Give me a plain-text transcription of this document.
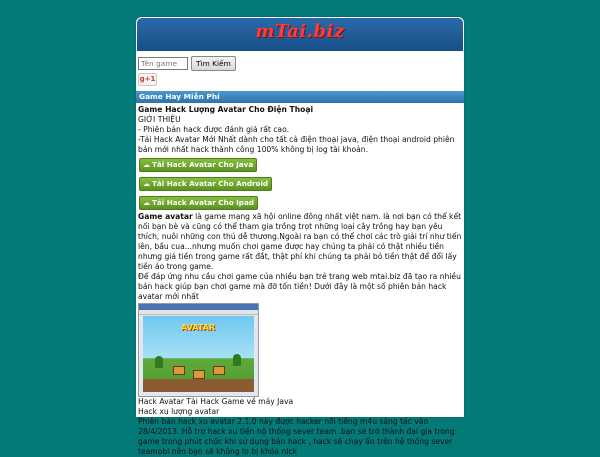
mTai.biz
Tên game
Tìm Kiếm
g+1
Game Hay Miễn Phí
Game Hack Lượng Avatar Cho Điện Thoại
GIỚI THIỆU
- Phiên bản hack được đánh giá rất cao.
-Tải Hack Avatar Mới Nhất dành cho tất cả điện thoại java, điện thoại android phiên bản mới nhất hack thành công 100% không bị log tài khoản.
☁ Tải Hack Avatar Cho Java
☁ Tải Hack Avatar Cho Android
☁ Tải Hack Avatar Cho Ipad
Game avatar là game mạng xã hội online đông nhất việt nam. là nơi bạn có thể kết nối bạn bè và cũng có thể tham gia trồng trọt những loại cây trồng hay bạn yêu thích, nuôi những con thú dễ thương.Ngoài ra bạn có thể chơi các trò giải trí như tiến lên, bầu cua...nhưng muốn chơi game được hay chúng ta phải có thật nhiều tiền nhưng giá tiền trong game rất đắt, thật phí khi chúng ta phải bỏ tiền thật để đổi lấy tiền ảo trong game.
Để đáp ứng nhu cầu chơi game của nhiều bạn trẻ trang web mtai.biz đã tạo ra nhiều bản hack giúp bạn chơi game mà đỡ tốn tiền! Dưới đây là một số phiên bản hack avatar mới nhất
AVATAR
Hack Avatar Tải Hack Game về máy Java
Hack xu lượng avatar
Phiên bản hack xu avatar 2.1.0 này được hacker nổi tiếng m4u sáng tác vào 28/4/2013. Hỗ trợ hack xu tiền hộ thống sever team .bạn sẽ trở thành đại gia trong game trong phút chốc khi sử dụng bản hack , hack sẽ chạy ẩn trên hệ thống sever teamobi nên bạn sẽ không lo bị khóa nick
